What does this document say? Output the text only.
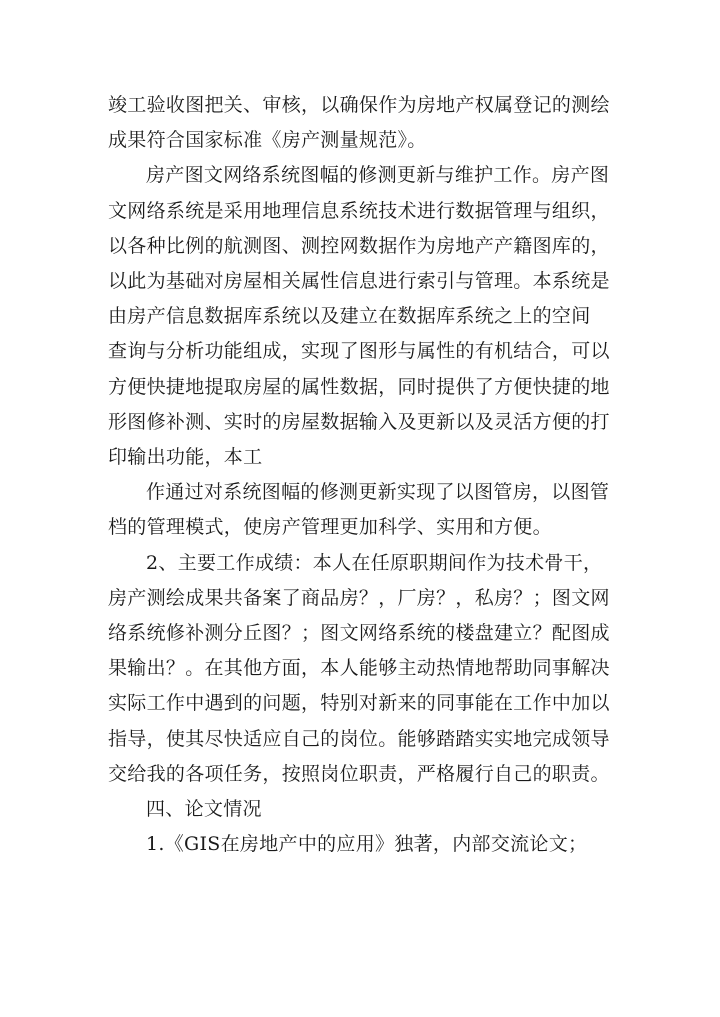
竣工验收图把关、审核，以确保作为房地产权属登记的测绘
成果符合国家标准《房产测量规范》。

房产图文网络系统图幅的修测更新与维护工作。房产图
文网络系统是采用地理信息系统技术进行数据管理与组织，
以各种比例的航测图、测控网数据作为房地产产籍图库的，
以此为基础对房屋相关属性信息进行索引与管理。本系统是
由房产信息数据库系统以及建立在数据库系统之上的空间
查询与分析功能组成，实现了图形与属性的有机结合，可以
方便快捷地提取房屋的属性数据，同时提供了方便快捷的地
形图修补测、实时的房屋数据输入及更新以及灵活方便的打
印输出功能，本工

作通过对系统图幅的修测更新实现了以图管房，以图管
档的管理模式，使房产管理更加科学、实用和方便。

2、主要工作成绩：本人在任原职期间作为技术骨干，
房产测绘成果共备案了商品房？，厂房？，私房？；图文网
络系统修补测分丘图？；图文网络系统的楼盘建立？配图成
果输出？。在其他方面，本人能够主动热情地帮助同事解决
实际工作中遇到的问题，特别对新来的同事能在工作中加以
指导，使其尽快适应自己的岗位。能够踏踏实实地完成领导
交给我的各项任务，按照岗位职责，严格履行自己的职责。

四、论文情况

1.《GIS在房地产中的应用》独著，内部交流论文；
